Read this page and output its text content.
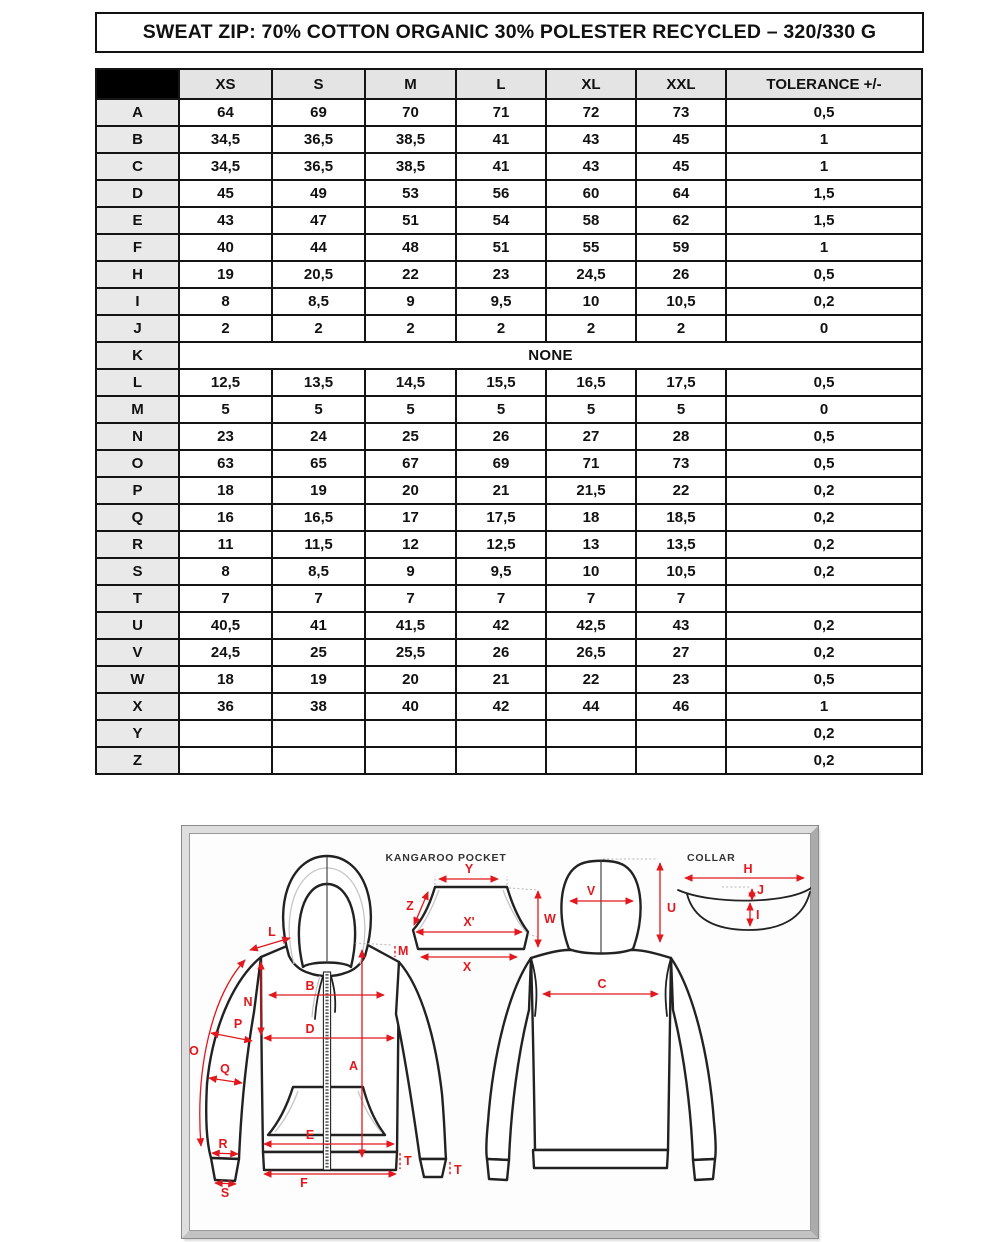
SWEAT ZIP: 70% COTTON ORGANIC 30% POLESTER RECYCLED – 320/330 G
	XS	S	M	L	XL	XXL	TOLERANCE +/-
A	64	69	70	71	72	73	0,5
B	34,5	36,5	38,5	41	43	45	1
C	34,5	36,5	38,5	41	43	45	1
D	45	49	53	56	60	64	1,5
E	43	47	51	54	58	62	1,5
F	40	44	48	51	55	59	1
H	19	20,5	22	23	24,5	26	0,5
I	8	8,5	9	9,5	10	10,5	0,2
J	2	2	2	2	2	2	0
K	NONE						
L	12,5	13,5	14,5	15,5	16,5	17,5	0,5
M	5	5	5	5	5	5	0
N	23	24	25	26	27	28	0,5
O	63	65	67	69	71	73	0,5
P	18	19	20	21	21,5	22	0,2
Q	16	16,5	17	17,5	18	18,5	0,2
R	11	11,5	12	12,5	13	13,5	0,2
S	8	8,5	9	9,5	10	10,5	0,2
T	7	7	7	7	7	7	
U	40,5	41	41,5	42	42,5	43	0,2
V	24,5	25	25,5	26	26,5	27	0,2
W	18	19	20	21	22	23	0,5
X	36	38	40	42	44	46	1
Y							0,2
Z							0,2
L
M
A
B
N
P	D
O
Q
R
S
E
F
T
T
Y
Z
X'
X
W
V
U
C
H
J
I
KANGAROO POCKET	COLLAR
